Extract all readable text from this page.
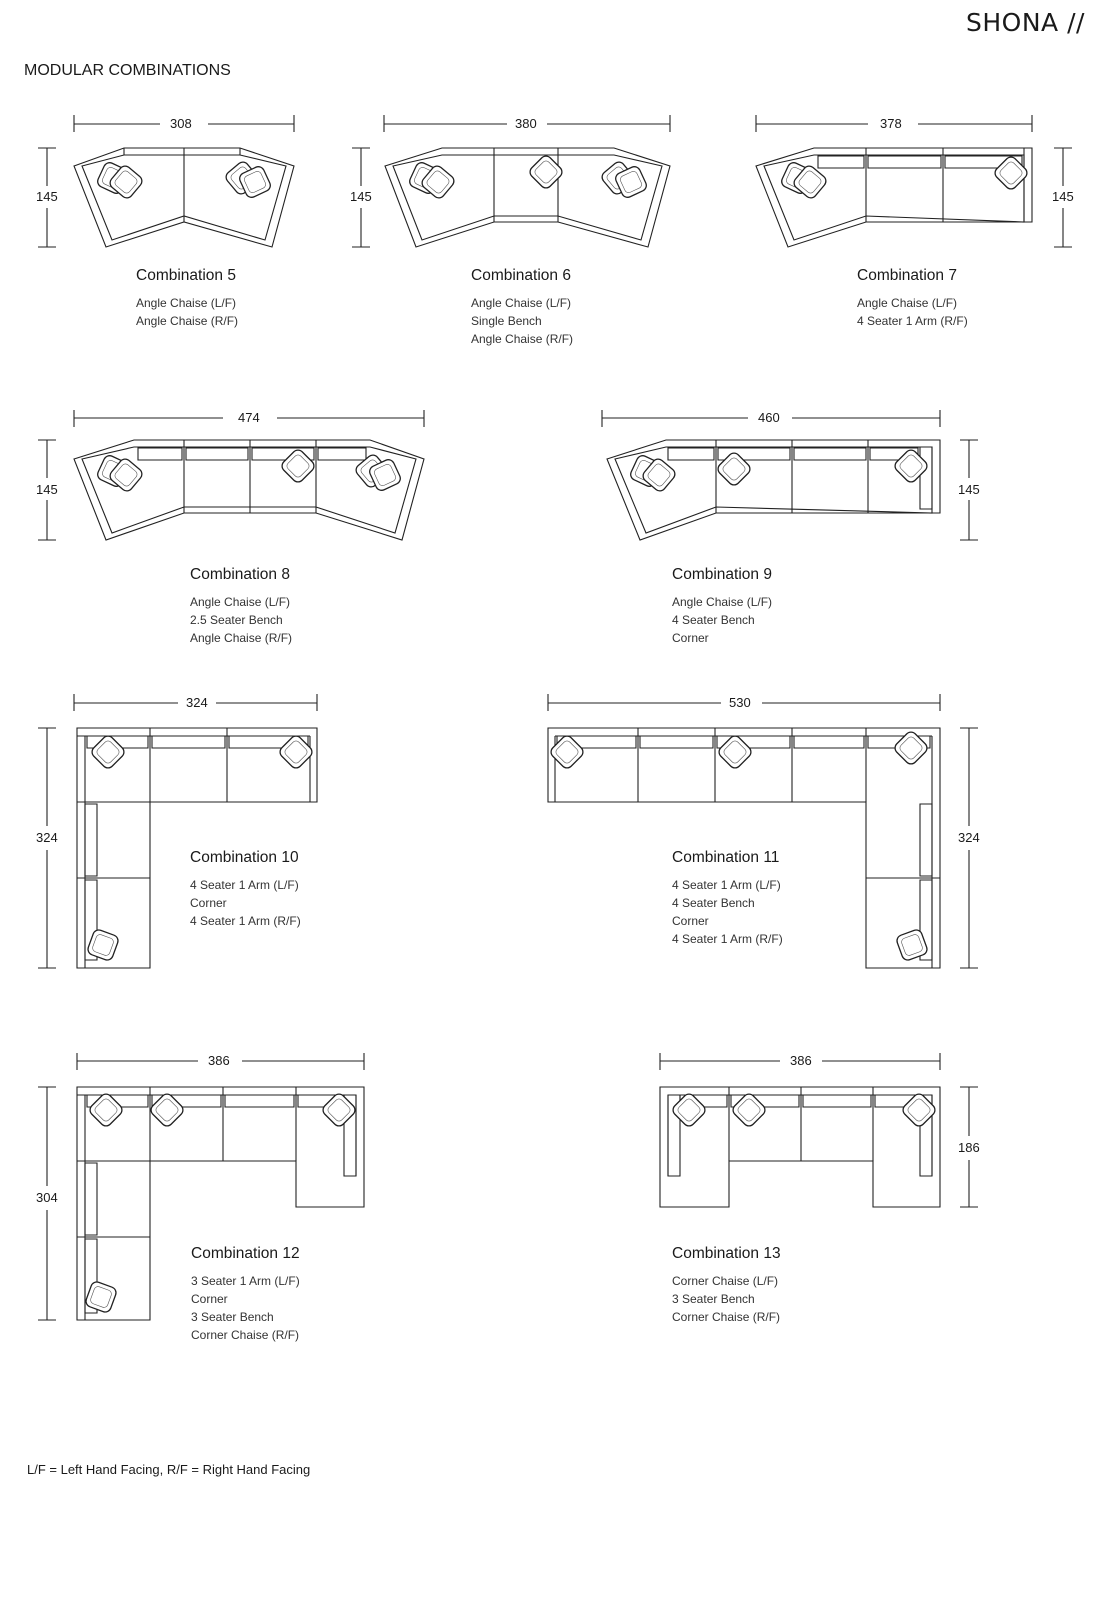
SHONA //
MODULAR COMBINATIONS
308
145
380
145
378
145
474
145
460
145
324
324
530
324
386
304
386
186
Combination 5
Angle Chaise (L/F)
Angle Chaise (R/F)
Combination 6
Angle Chaise (L/F)
Single Bench
Angle Chaise (R/F)
Combination 7
Angle Chaise (L/F)
4 Seater 1 Arm (R/F)
Combination 8
Angle Chaise (L/F)
2.5 Seater Bench
Angle Chaise (R/F)
Combination 9
Angle Chaise (L/F)
4 Seater Bench
Corner
Combination 10
4 Seater 1 Arm (L/F)
Corner
4 Seater 1 Arm (R/F)
Combination 11
4 Seater 1 Arm (L/F)
4 Seater Bench
Corner
4 Seater 1 Arm (R/F)
Combination 12
3 Seater 1 Arm (L/F)
Corner
3 Seater Bench
Corner Chaise (R/F)
Combination 13
Corner Chaise (L/F)
3 Seater Bench
Corner Chaise (R/F)
L/F = Left Hand Facing, R/F = Right Hand Facing
